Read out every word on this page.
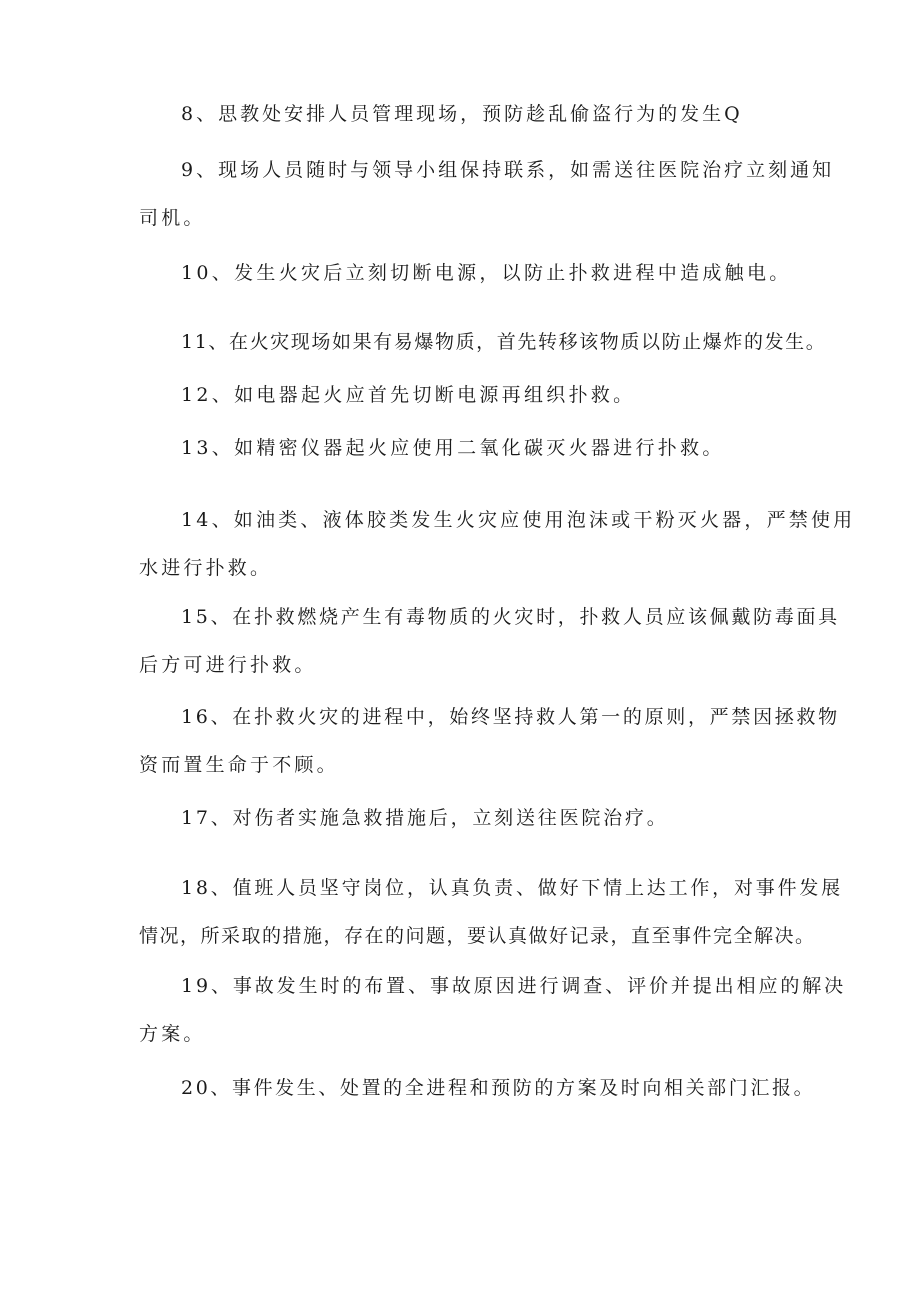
8、思教处安排人员管理现场，预防趁乱偷盗行为的发生Q
9、现场人员随时与领导小组保持联系，如需送往医院治疗立刻通知
司机。
10、发生火灾后立刻切断电源，以防止扑救进程中造成触电。
11、在火灾现场如果有易爆物质，首先转移该物质以防止爆炸的发生。
12、如电器起火应首先切断电源再组织扑救。
13、如精密仪器起火应使用二氧化碳灭火器进行扑救。
14、如油类、液体胶类发生火灾应使用泡沫或干粉灭火器，严禁使用
水进行扑救。
15、在扑救燃烧产生有毒物质的火灾时，扑救人员应该佩戴防毒面具
后方可进行扑救。
16、在扑救火灾的进程中，始终坚持救人第一的原则，严禁因拯救物
资而置生命于不顾。
17、对伤者实施急救措施后，立刻送往医院治疗。
18、值班人员坚守岗位，认真负责、做好下情上达工作，对事件发展
情况，所采取的措施，存在的问题，要认真做好记录，直至事件完全解决。
19、事故发生时的布置、事故原因进行调查、评价并提出相应的解决
方案。
20、事件发生、处置的全进程和预防的方案及时向相关部门汇报。
